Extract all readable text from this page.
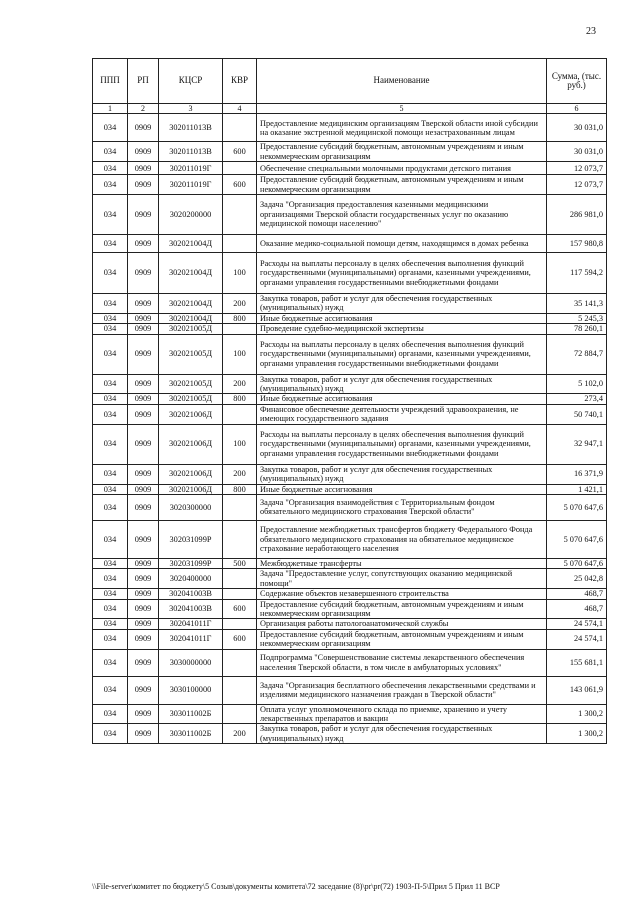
23
ППП	РП	КЦСР	КВР	Наименование	Сумма, (тыс. руб.)
1	2	3	4	5	6
034	0909	302011013В		Предоставление медицинским организациям Тверской области иной субсидии на оказание экстренной медицинской помощи незастрахованным лицам	30 031,0
034	0909	302011013В	600	Предоставление субсидий бюджетным, автономным учреждениям и иным некоммерческим организациям	30 031,0
034	0909	302011019Г		Обеспечение специальными молочными продуктами детского питания	12 073,7
034	0909	302011019Г	600	Предоставление субсидий бюджетным, автономным учреждениям и иным некоммерческим организациям	12 073,7
034	0909	3020200000		Задача "Организация предоставления казенными медицинскими организациями Тверской области государственных услуг по оказанию медицинской помощи населению"	286 981,0
034	0909	302021004Д		Оказание медико-социальной помощи детям, находящимся в домах ребенка	157 980,8
034	0909	302021004Д	100	Расходы на выплаты персоналу в целях обеспечения выполнения функций государственными (муниципальными) органами, казенными учреждениями, органами управления государственными внебюджетными фондами	117 594,2
034	0909	302021004Д	200	Закупка товаров, работ и услуг для обеспечения государственных (муниципальных) нужд	35 141,3
034	0909	302021004Д	800	Иные бюджетные ассигнования	5 245,3
034	0909	302021005Д		Проведение судебно-медицинской экспертизы	78 260,1
034	0909	302021005Д	100	Расходы на выплаты персоналу в целях обеспечения выполнения функций государственными (муниципальными) органами, казенными учреждениями, органами управления государственными внебюджетными фондами	72 884,7
034	0909	302021005Д	200	Закупка товаров, работ и услуг для обеспечения государственных (муниципальных) нужд	5 102,0
034	0909	302021005Д	800	Иные бюджетные ассигнования	273,4
034	0909	302021006Д		Финансовое обеспечение деятельности учреждений здравоохранения, не имеющих государственного задания	50 740,1
034	0909	302021006Д	100	Расходы на выплаты персоналу в целях обеспечения выполнения функций государственными (муниципальными) органами, казенными учреждениями, органами управления государственными внебюджетными фондами	32 947,1
034	0909	302021006Д	200	Закупка товаров, работ и услуг для обеспечения государственных (муниципальных) нужд	16 371,9
034	0909	302021006Д	800	Иные бюджетные ассигнования	1 421,1
034	0909	3020300000		Задача "Организация взаимодействия с Территориальным фондом обязательного медицинского страхования Тверской области"	5 070 647,6
034	0909	302031099Р		Предоставление межбюджетных трансфертов бюджету Федерального Фонда обязательного медицинского страхования на обязательное медицинское страхование неработающего населения	5 070 647,6
034	0909	302031099Р	500	Межбюджетные трансферты	5 070 647,6
034	0909	3020400000		Задача "Предоставление услуг, сопутствующих оказанию медицинской помощи"	25 042,8
034	0909	302041003В		Содержание объектов незавершенного строительства	468,7
034	0909	302041003В	600	Предоставление субсидий бюджетным, автономным учреждениям и иным некоммерческим организациям	468,7
034	0909	302041011Г		Организация работы патологоанатомической службы	24 574,1
034	0909	302041011Г	600	Предоставление субсидий бюджетным, автономным учреждениям и иным некоммерческим организациям	24 574,1
034	0909	3030000000		Подпрограмма "Совершенствование системы лекарственного обеспечения населения Тверской области, в том числе в амбулаторных условиях"	155 681,1
034	0909	3030100000		Задача "Организация бесплатного обеспечения лекарственными средствами и изделиями медицинского назначения граждан в Тверской области"	143 061,9
034	0909	303011002Б		Оплата услуг уполномоченного склада по приемке, хранению и учету лекарственных препаратов и вакцин	1 300,2
034	0909	303011002Б	200	Закупка товаров, работ и услуг для обеспечения государственных (муниципальных) нужд	1 300,2
\\File-server\комитет по бюджету\5 Созыв\документы комитета\72 заседание (8)\pr\pr(72) 1903-П-5\Прил 5 Прил 11 ВСР
